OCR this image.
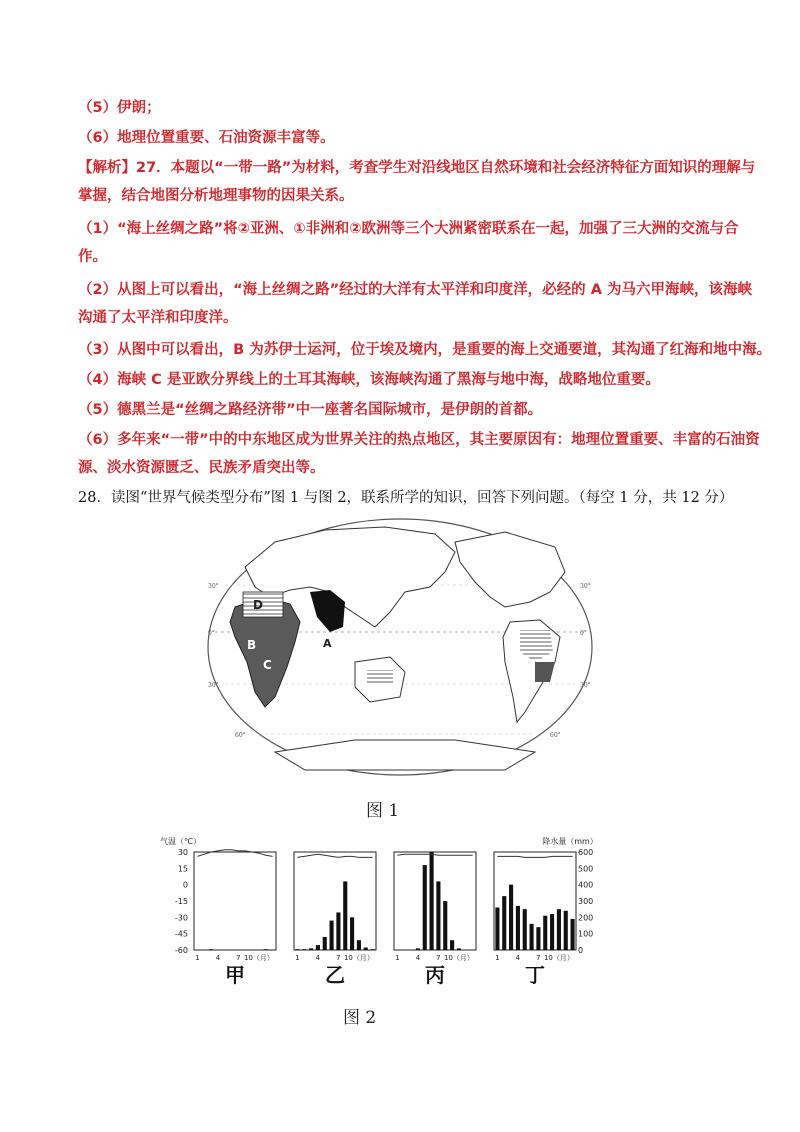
（5）伊朗；
（6）地理位置重要、石油资源丰富等。
【解析】27．本题以“一带一路”为材料，考查学生对沿线地区自然环境和社会经济特征方面知识的理解与
掌握，结合地图分析地理事物的因果关系。
（1）“海上丝绸之路”将②亚洲、①非洲和②欧洲等三个大洲紧密联系在一起，加强了三大洲的交流与合
作。
（2）从图上可以看出，“海上丝绸之路”经过的大洋有太平洋和印度洋，必经的 A 为马六甲海峡，该海峡
沟通了太平洋和印度洋。
（3）从图中可以看出，B 为苏伊士运河，位于埃及境内，是重要的海上交通要道，其沟通了红海和地中海。
（4）海峡 C 是亚欧分界线上的土耳其海峡，该海峡沟通了黑海与地中海，战略地位重要。
（5）德黑兰是“丝绸之路经济带”中一座著名国际城市，是伊朗的首都。
（6）多年来“一带”中的中东地区成为世界关注的热点地区，其主要原因有：地理位置重要、丰富的石油资
源、淡水资源匮乏、民族矛盾突出等。
28．读图“世界气候类型分布”图 1 与图 2，联系所学的知识，回答下列问题。（每空 1 分，共 12 分）
D
B
C
A
30°
0°
30°
60°
30°
0°
30°
60°
图 1
气温（℃）	降水量（mm）
30
15
0
-15
-30
-45
-60
600
500
400
300
200
100
0
1 4 7 10（月）
甲
1 4 7 10（月）
乙
1 4 7 10（月）
丙
1 4 7 10（月）
丁
图 2
